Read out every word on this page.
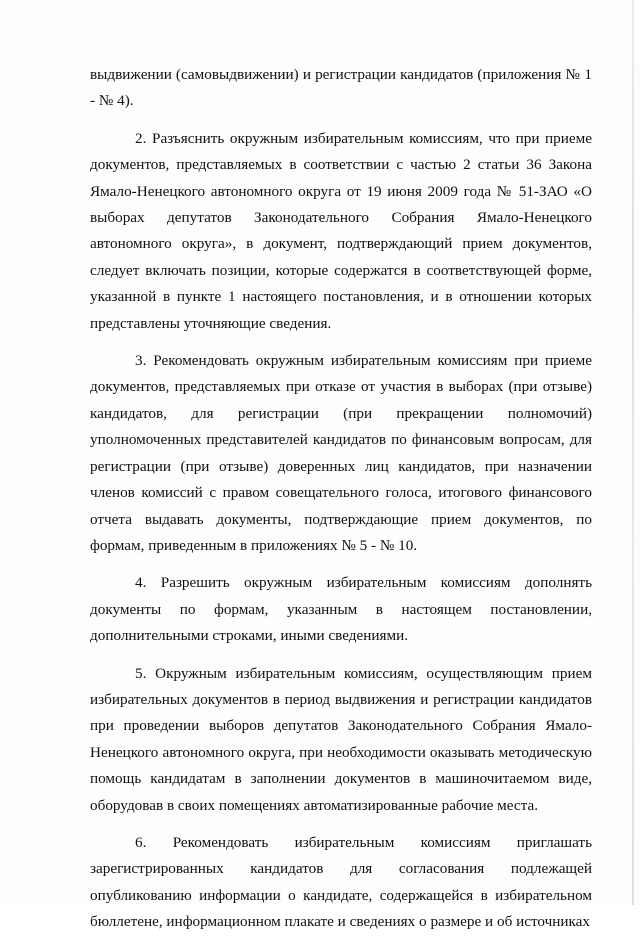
выдвижении (самовыдвижении) и регистрации кандидатов (приложения № 1 - № 4).

2. Разъяснить окружным избирательным комиссиям, что при приеме документов, представляемых в соответствии с частью 2 статьи 36 Закона Ямало-Ненецкого автономного округа от 19 июня 2009 года № 51-ЗАО «О выборах депутатов Законодательного Собрания Ямало-Ненецкого автономного округа», в документ, подтверждающий прием документов, следует включать позиции, которые содержатся в соответствующей форме, указанной в пункте 1 настоящего постановления, и в отношении которых представлены уточняющие сведения.

3. Рекомендовать окружным избирательным комиссиям при приеме документов, представляемых при отказе от участия в выборах (при отзыве) кандидатов, для регистрации (при прекращении полномочий) уполномоченных представителей кандидатов по финансовым вопросам, для регистрации (при отзыве) доверенных лиц кандидатов, при назначении членов комиссий с правом совещательного голоса, итогового финансового отчета выдавать документы, подтверждающие прием документов, по формам, приведенным в приложениях № 5 - № 10.

4. Разрешить окружным избирательным комиссиям дополнять документы по формам, указанным в настоящем постановлении, дополнительными строками, иными сведениями.

5. Окружным избирательным комиссиям, осуществляющим прием избирательных документов в период выдвижения и регистрации кандидатов при проведении выборов депутатов Законодательного Собрания Ямало-Ненецкого автономного округа, при необходимости оказывать методическую помощь кандидатам в заполнении документов в машиночитаемом виде, оборудовав в своих помещениях автоматизированные рабочие места.

6. Рекомендовать избирательным комиссиям приглашать зарегистрированных кандидатов для согласования подлежащей опубликованию информации о кандидате, содержащейся в избирательном бюллетене, информационном плакате и сведениях о размере и об источниках
